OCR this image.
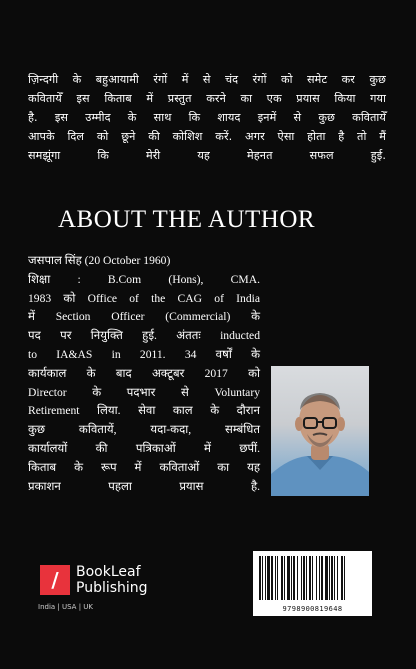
ज़िन्दगी के बहुआयामी रंगों में से चंद रंगों को समेट कर कुछ
कवितायेँ इस किताब में प्रस्तुत करने का एक प्रयास किया गया
है. इस उम्मीद के साथ कि शायद इनमें से कुछ कवितायेँ
आपके दिल को छूने की कोशिश करें. अगर ऐसा होता है तो मैं
समझूंगा कि मेरी यह मेहनत सफल हुई.
ABOUT THE AUTHOR
जसपाल सिंह (20 October 1960)
शिक्षा : B.Com (Hons), CMA.
1983 को Office of the CAG of India
में Section Officer (Commercial) के
पद पर नियुक्ति हुई. अंततः inducted
to IA&AS in 2011. 34 वर्षों के
कार्यकाल के बाद अक्टूबर 2017 को
Director के पदभार से Voluntary
Retirement लिया. सेवा काल के दौरान
कुछ कवितायें, यदा-कदा, सम्बंधित
कार्यालयों की पत्रिकाओं में छपीं.
किताब के रूप में कविताओं का यह
प्रकाशन पहला प्रयास है.
/ BookLeaf
Publishing
India | USA | UK	9798900819648
